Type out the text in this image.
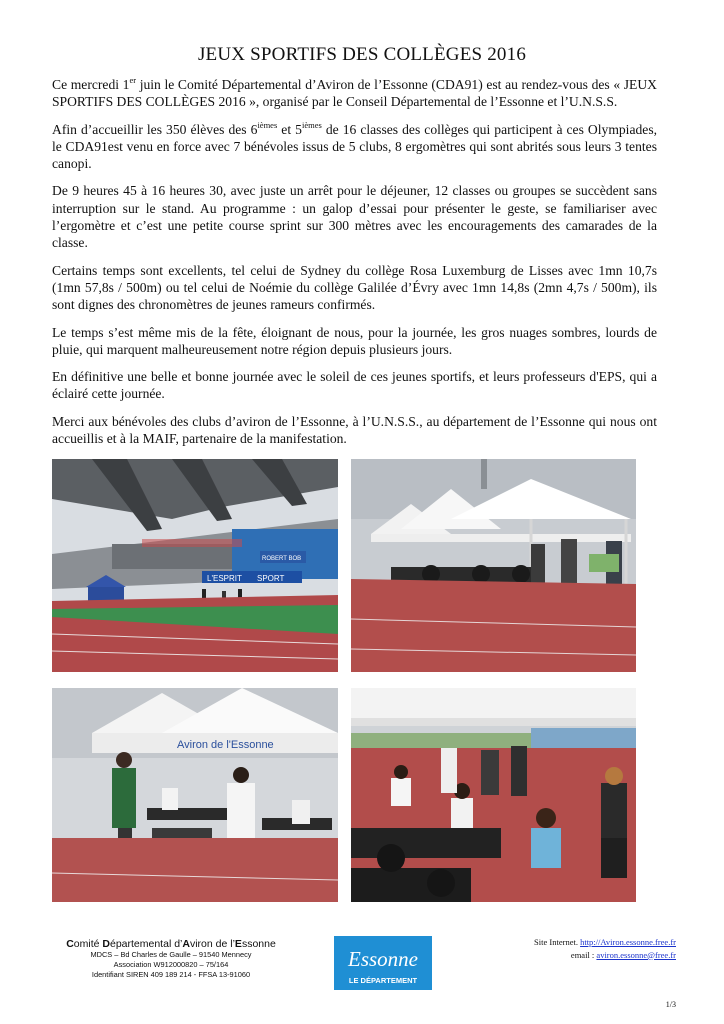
JEUX SPORTIFS DES COLLÈGES 2016

Ce mercredi 1er juin le Comité Départemental d’Aviron de l’Essonne (CDA91) est au rendez-vous des « JEUX SPORTIFS DES COLLÈGES 2016 », organisé par le Conseil Départemental de l’Essonne et l’U.N.S.S.

Afin d’accueillir les 350 élèves des $6^{ièmes}$ et $5^{ièmes}$ de 16 classes des collèges qui participent à ces Olympiades, le CDA91est venu en force avec 7 bénévoles issus de 5 clubs, 8 ergomètres qui sont abrités sous leurs 3 tentes canopi.

De 9 heures 45 à 16 heures 30, avec juste un arrêt pour le déjeuner, 12 classes ou groupes se succèdent sans interruption sur le stand. Au programme : un galop d’essai pour présenter le geste, se familiariser avec l’ergomètre et c’est une petite course sprint sur 300 mètres avec les encouragements des camarades de la classe.

Certains temps sont excellents, tel celui de Sydney du collège Rosa Luxemburg de Lisses avec 1mn 10,7s (1mn 57,8s / 500m) ou tel celui de Noémie du collège Galilée d’Évry avec 1mn 14,8s (2mn 4,7s / 500m), ils sont dignes des chronomètres de jeunes rameurs confirmés.

Le temps s’est même mis de la fête, éloignant de nous, pour la journée, les gros nuages sombres, lourds de pluie, qui marquent malheureusement notre région depuis plusieurs jours.

En définitive une belle et bonne journée avec le soleil de ces jeunes sportifs, et leurs professeurs d'EPS, qui a éclairé cette journée.

Merci aux bénévoles des clubs d’aviron de l’Essonne, à l’U.N.S.S., au département de l’Essonne qui nous ont accueillis et à la MAIF, partenaire de la manifestation.

L'ESPRIT SPORT
ROBERT BOB
Aviron de l'Essonne
Comité Départemental d’Aviron de l’Essonne
MDCS – Bd Charles de Gaulle – 91540 Mennecy
Association W912000820 – 75/164
Identifiant SIREN 409 189 214 - FFSA 13-91060
Essonne
LE DÉPARTEMENT
Site Internet. http://Aviron.essonne.free.fr
email : aviron.essonne@free.fr
1/3
